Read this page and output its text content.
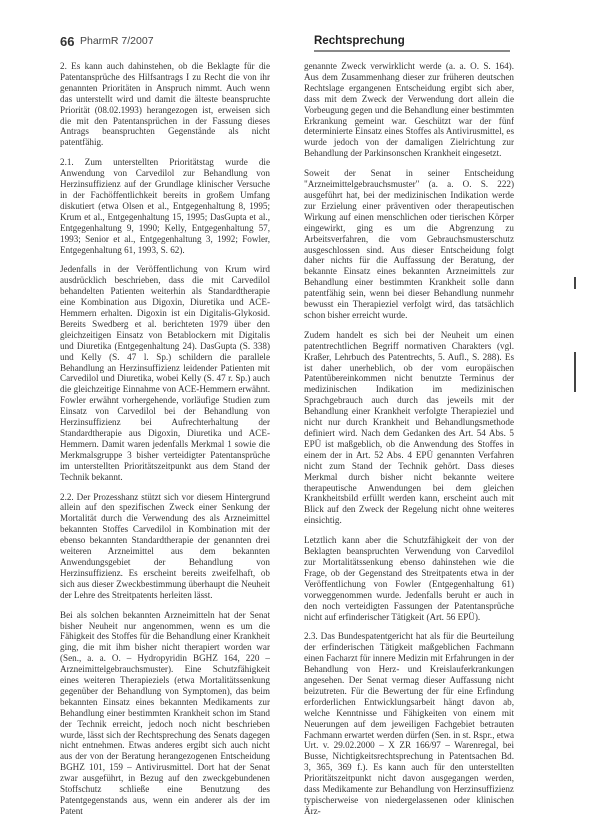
66 PharmR 7/2007	Rechtsprechung

2. Es kann auch dahinstehen, ob die Beklagte für die Patentansprüche des Hilfsantrags I zu Recht die von ihr genannten Prioritäten in Anspruch nimmt. Auch wenn das unterstellt wird und damit die älteste beanspruchte Priorität (08.02.1993) herangezogen ist, erweisen sich die mit den Patentansprüchen in der Fassung dieses Antrags beanspruchten Gegenstände als nicht patentfähig.

2.1. Zum unterstellten Prioritätstag wurde die Anwendung von Carvedilol zur Behandlung von Herzinsuffizienz auf der Grundlage klinischer Versuche in der Fachöffentlichkeit bereits in großem Umfang diskutiert (etwa Olsen et al., Entgegenhaltung 8, 1995; Krum et al., Entgegenhaltung 15, 1995; DasGupta et al., Entgegenhaltung 9, 1990; Kelly, Entgegenhaltung 57, 1993; Senior et al., Entgegenhaltung 3, 1992; Fowler, Entgegenhaltung 61, 1993, S. 62).

Jedenfalls in der Veröffentlichung von Krum wird ausdrücklich beschrieben, dass die mit Carvedilol behandelten Patienten weiterhin als Standardtherapie eine Kombination aus Digoxin, Diuretika und ACE-Hemmern erhalten. Digoxin ist ein Digitalis-Glykosid. Bereits Swedberg et al. berichteten 1979 über den gleichzeitigen Einsatz von Betablockern mit Digitalis und Diuretika (Entgegenhaltung 24). DasGupta (S. 338) und Kelly (S. 47 l. Sp.) schildern die parallele Behandlung an Herzinsuffizienz leidender Patienten mit Carvedilol und Diuretika, wobei Kelly (S. 47 r. Sp.) auch die gleichzeitige Einnahme von ACE-Hemmern erwähnt. Fowler erwähnt vorhergehende, vorläufige Studien zum Einsatz von Carvedilol bei der Behandlung von Herzinsuffizienz bei Aufrechterhaltung der Standardtherapie aus Digoxin, Diuretika und ACE-Hemmern. Damit waren jedenfalls Merkmal 1 sowie die Merkmalsgruppe 3 bisher verteidigter Patentansprüche im unterstellten Prioritätszeitpunkt aus dem Stand der Technik bekannt.

2.2. Der Prozesshanz stützt sich vor diesem Hintergrund allein auf den spezifischen Zweck einer Senkung der Mortalität durch die Verwendung des als Arzneimittel bekannten Stoffes Carvedilol in Kombination mit der ebenso bekannten Standardtherapie der genannten drei weiteren Arzneimittel aus dem bekannten Anwendungsgebiet der Behandlung von Herzinsuffizienz. Es erscheint bereits zweifelhaft, ob sich aus dieser Zweckbestimmung überhaupt die Neuheit der Lehre des Streitpatents herleiten lässt.

Bei als solchen bekannten Arzneimitteln hat der Senat bisher Neuheit nur angenommen, wenn es um die Fähigkeit des Stoffes für die Behandlung einer Krankheit ging, die mit ihm bisher nicht therapiert worden war (Sen., a. a. O. – Hydropyridin BGHZ 164, 220 – Arzneimittelgebrauchsmuster). Eine Schutzfähigkeit eines weiteren Therapieziels (etwa Mortalitätssenkung gegenüber der Behandlung von Symptomen), das beim bekannten Einsatz eines bekannten Medikaments zur Behandlung einer bestimmten Krankheit schon im Stand der Technik erreicht, jedoch noch nicht beschrieben wurde, lässt sich der Rechtsprechung des Senats dagegen nicht entnehmen. Etwas anderes ergibt sich auch nicht aus der von der Beratung herangezogenen Entscheidung BGHZ 101, 159 – Antivirusmittel. Dort hat der Senat zwar ausgeführt, in Bezug auf den zweckgebundenen Stoffschutz schließe eine Benutzung des Patentgegenstands aus, wenn ein anderer als der im Patent

genannte Zweck verwirklicht werde (a. a. O. S. 164). Aus dem Zusammenhang dieser zur früheren deutschen Rechtslage ergangenen Entscheidung ergibt sich aber, dass mit dem Zweck der Verwendung dort allein die Vorbeugung gegen und die Behandlung einer bestimmten Erkrankung gemeint war. Geschützt war der fünf determinierte Einsatz eines Stoffes als Antivirusmittel, es wurde jedoch von der damaligen Zielrichtung zur Behandlung der Parkinsonschen Krankheit eingesetzt.

Soweit der Senat in seiner Entscheidung "Arzneimittelgebrauchsmuster" (a. a. O. S. 222) ausgeführt hat, bei der medizinischen Indikation werde zur Erzielung einer präventiven oder therapeutischen Wirkung auf einen menschlichen oder tierischen Körper eingewirkt, ging es um die Abgrenzung zu Arbeitsverfahren, die vom Gebrauchsmusterschutz ausgeschlossen sind. Aus dieser Entscheidung folgt daher nichts für die Auffassung der Beratung, der bekannte Einsatz eines bekannten Arzneimittels zur Behandlung einer bestimmten Krankheit solle dann patentfähig sein, wenn bei dieser Behandlung nunmehr bewusst ein Therapieziel verfolgt wird, das tatsächlich schon bisher erreicht wurde.

Zudem handelt es sich bei der Neuheit um einen patentrechtlichen Begriff normativen Charakters (vgl. Kraßer, Lehrbuch des Patentrechts, 5. Aufl., S. 288). Es ist daher unerheblich, ob der vom europäischen Patentübereinkommen nicht benutzte Terminus der medizinischen Indikation im medizinischen Sprachgebrauch auch durch das jeweils mit der Behandlung einer Krankheit verfolgte Therapieziel und nicht nur durch Krankheit und Behandlungsmethode definiert wird. Nach dem Gedanken des Art. 54 Abs. 5 EPÜ ist maßgeblich, ob die Anwendung des Stoffes in einem der in Art. 52 Abs. 4 EPÜ genannten Verfahren nicht zum Stand der Technik gehört. Dass dieses Merkmal durch bisher nicht bekannte weitere therapeutische Anwendungen bei dem gleichen Krankheitsbild erfüllt werden kann, erscheint auch mit Blick auf den Zweck der Regelung nicht ohne weiteres einsichtig.

Letztlich kann aber die Schutzfähigkeit der von der Beklagten beanspruchten Verwendung von Carvedilol zur Mortalitätssenkung ebenso dahinstehen wie die Frage, ob der Gegenstand des Streitpatents etwa in der Veröffentlichung von Fowler (Entgegenhaltung 61) vorweggenommen wurde. Jedenfalls beruht er auch in den noch verteidigten Fassungen der Patentansprüche nicht auf erfinderischer Tätigkeit (Art. 56 EPÜ).

2.3. Das Bundespatentgericht hat als für die Beurteilung der erfinderischen Tätigkeit maßgeblichen Fachmann einen Facharzt für innere Medizin mit Erfahrungen in der Behandlung von Herz- und Kreislauferkrankungen angesehen. Der Senat vermag dieser Auffassung nicht beizutreten. Für die Bewertung der für eine Erfindung erforderlichen Entwicklungsarbeit hängt davon ab, welche Kenntnisse und Fähigkeiten von einem mit Neuerungen auf dem jeweiligen Fachgebiet betrauten Fachmann erwartet werden dürfen (Sen. in st. Rspr., etwa Urt. v. 29.02.2000 – X ZR 166/97 – Warenregal, bei Busse, Nichtigkeitsrechtsprechung in Patentsachen Bd. 3, 365, 369 f.). Es kann auch für den unterstellten Prioritätszeitpunkt nicht davon ausgegangen werden, dass Medikamente zur Behandlung von Herzinsuffizienz typischerweise von niedergelassenen oder klinischen Ärz-
